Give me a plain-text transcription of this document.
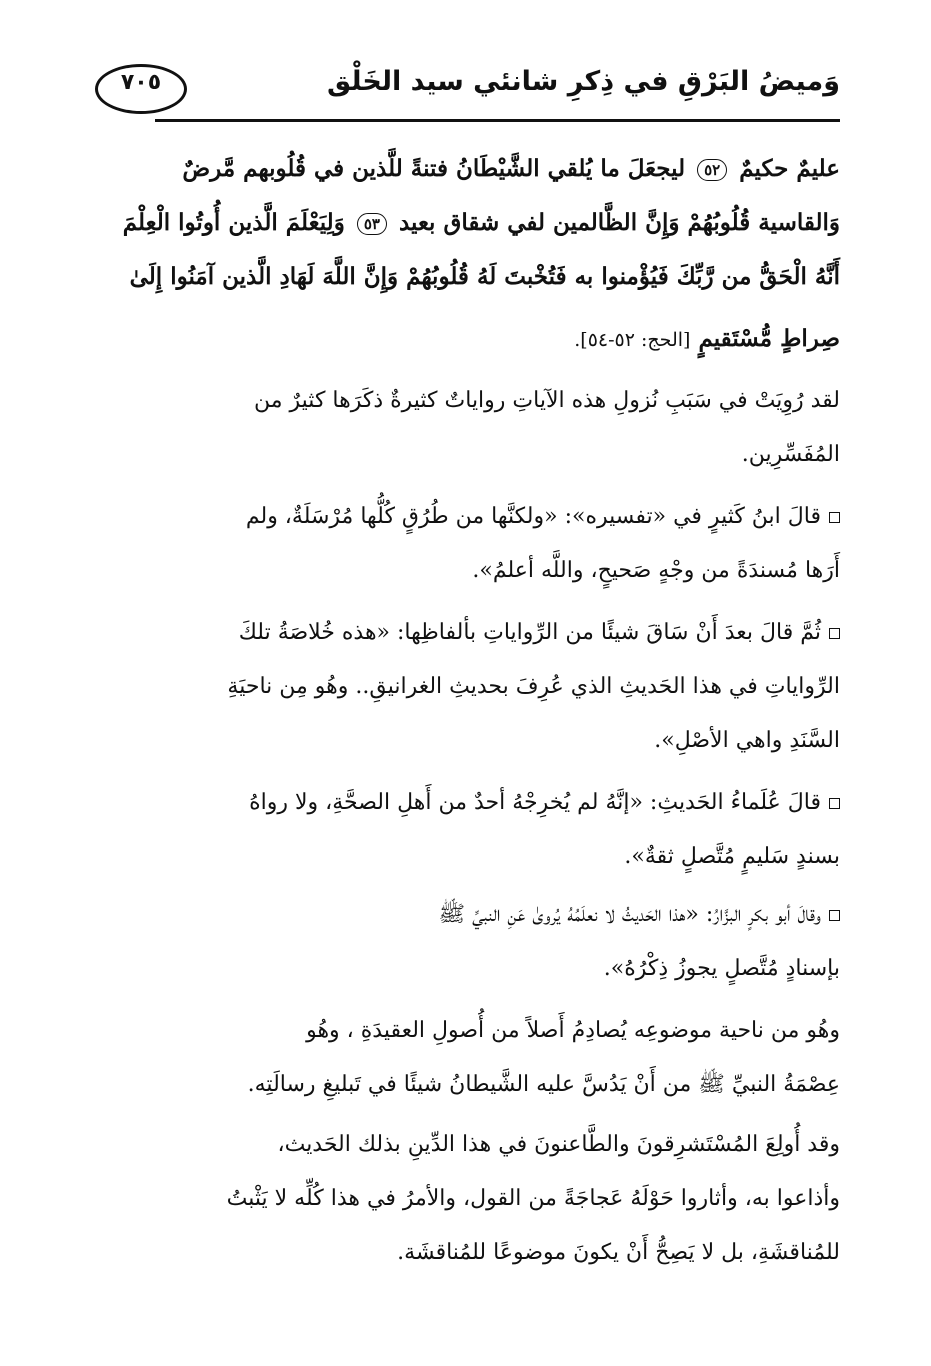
وَميضُ البَرْقِ في ذِكرِ شانئي سيد الخَلْق
٧٠٥
عليمٌ حكيمٌ ٥٢ ليجعَلَ ما يُلقي الشَّيْطَانُ فتنةً للَّذين في قُلُوبهم مَّرضٌ
وَالقاسية قُلُوبُهُمْ وَإِنَّ الظَّالمين لفي شقاق بعيد ٥٣ وَلِيَعْلَمَ الَّذين أُوتُوا الْعِلْمَ
أَنَّهُ الْحَقُّ من رَّبِّكَ فَيُؤْمنوا به فَتُخْبتَ لَهُ قُلُوبُهُمْ وَإِنَّ اللَّهَ لَهَادِ الَّذين آمَنُوا إِلَىٰ
صِراطٍ مُّسْتَقيمٍ [الحج: ٥٢-٥٤].
لقد رُوِيَتْ في سَبَبِ نُزولِ هذه الآياتِ رواياتٌ كثيرةٌ ذكَرَها كثيرٌ من
المُفَسِّرِين.
قالَ ابنُ كَثيرٍ في «تفسيره»: «ولكنَّها من طُرُقٍ كُلُّها مُرْسَلَةٌ، ولم
أَرَها مُسندَةً من وجْهٍ صَحيحٍ، واللَّه أعلمُ».
ثُمَّ قالَ بعدَ أَنْ سَاقَ شيئًا من الرِّواياتِ بألفاظِها: «هذه خُلاصَةُ تلكَ
الرِّواياتِ في هذا الحَديثِ الذي عُرِفَ بحديثِ الغرانيقِ.. وهُو مِن ناحيَةِ
السَّنَدِ واهي الأصْلِ».
قالَ عُلَماءُ الحَديثِ: «إنَّهُ لم يُخرِجْهُ أحدٌ من أَهلِ الصحَّةِ، ولا رواهُ
بسندٍ سَليمٍ مُتَّصلٍ ثقةٌ».
وقالَ أبو بكرٍ البزَّارُ: «هذا الحَديثُ لا نعلَمُهُ يُروىٰ عَنِ النبيِّ ﷺ
بإسنادٍ مُتَّصلٍ يجوزُ ذِكْرُهُ».
وهُو من ناحية موضوعِه يُصادِمُ أَصلاً من أُصولِ العقيدَةِ ، وهُو
عِصْمَةُ النبيِّ ﷺ من أَنْ يَدُسَّ عليه الشَّيطانُ شيئًا في تَبليغِ رسالَتِه.
وقد أُولِعَ المُسْتَشرِقونَ والطَّاعنونَ في هذا الدِّينِ بذلك الحَديث،
وأذاعوا به، وأثاروا حَوْلَهُ عَجاجَةً من القول، والأمرُ في هذا كُلِّه لا يَثْبتُ
للمُناقشَةِ، بل لا يَصِحُّ أَنْ يكونَ موضوعًا للمُناقشَة.
